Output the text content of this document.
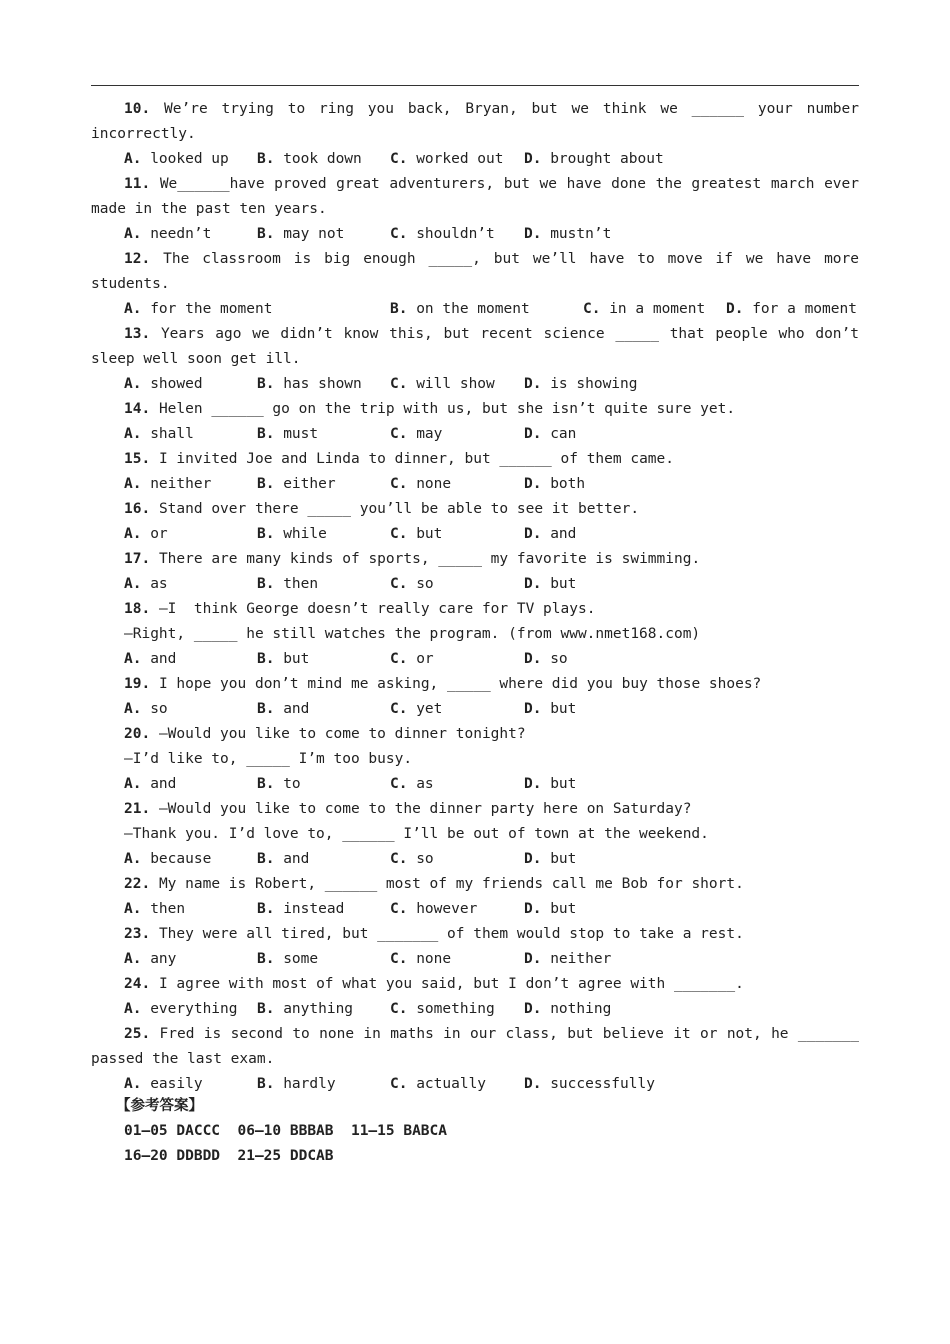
10. We’re trying to ring you back, Bryan, but we think we ______ your number incorrectly.
A. looked up B. took down C. worked out D. brought about
11. We______have proved great adventurers, but we have done the greatest march ever made in the past ten years.
A. needn’t	B. may not	C. shouldn’t D. mustn’t
12. The classroom is big enough _____, but we’ll have to move if we have more students.
A. for the moment	B. on the moment	C. in a moment D. for a moment
13. Years ago we didn’t know this, but recent science _____ that people who don’t sleep well soon get ill.
A. showed	B. has shown C. will show D. is showing
14. Helen ______ go on the trip with us, but she isn’t quite sure yet.
A. shall	B. must	C. may	D. can
15. I invited Joe and Linda to dinner, but ______ of them came.
A. neither	B. either	C. none	D. both
16. Stand over there _____ you’ll be able to see it better.
A. or	B. while	C. but	D. and
17. There are many kinds of sports, _____ my favorite is swimming.
A. as	B. then	C. so	D. but
18. —I  think George doesn’t really care for TV plays.
—Right, _____ he still watches the program. (from www.nmet168.com)
A. and	B. but	C. or	D. so
19. I hope you don’t mind me asking, _____ where did you buy those shoes?
A. so	B. and	C. yet	D. but
20. —Would you like to come to dinner tonight?
—I’d like to, _____ I’m too busy.
A. and	B. to	C. as	D. but
21. —Would you like to come to the dinner party here on Saturday?
—Thank you. I’d love to, ______ I’ll be out of town at the weekend.
A. because	B. and	C. so	D. but
22. My name is Robert, ______ most of my friends call me Bob for short.
A. then	B. instead	C. however	D. but
23. They were all tired, but _______ of them would stop to take a rest.
A. any	B. some	C. none	D. neither
24. I agree with most of what you said, but I don’t agree with _______.
A. everything B. anything	C. something D. nothing
25. Fred is second to none in maths in our class, but believe it or not, he _______ passed the last exam.
A. easily	B. hardly	C. actually	D. successfully
【参考答案】
01—05 DACCC  06—10 BBBAB  11—15 BABCA
16—20 DDBDD  21—25 DDCAB
